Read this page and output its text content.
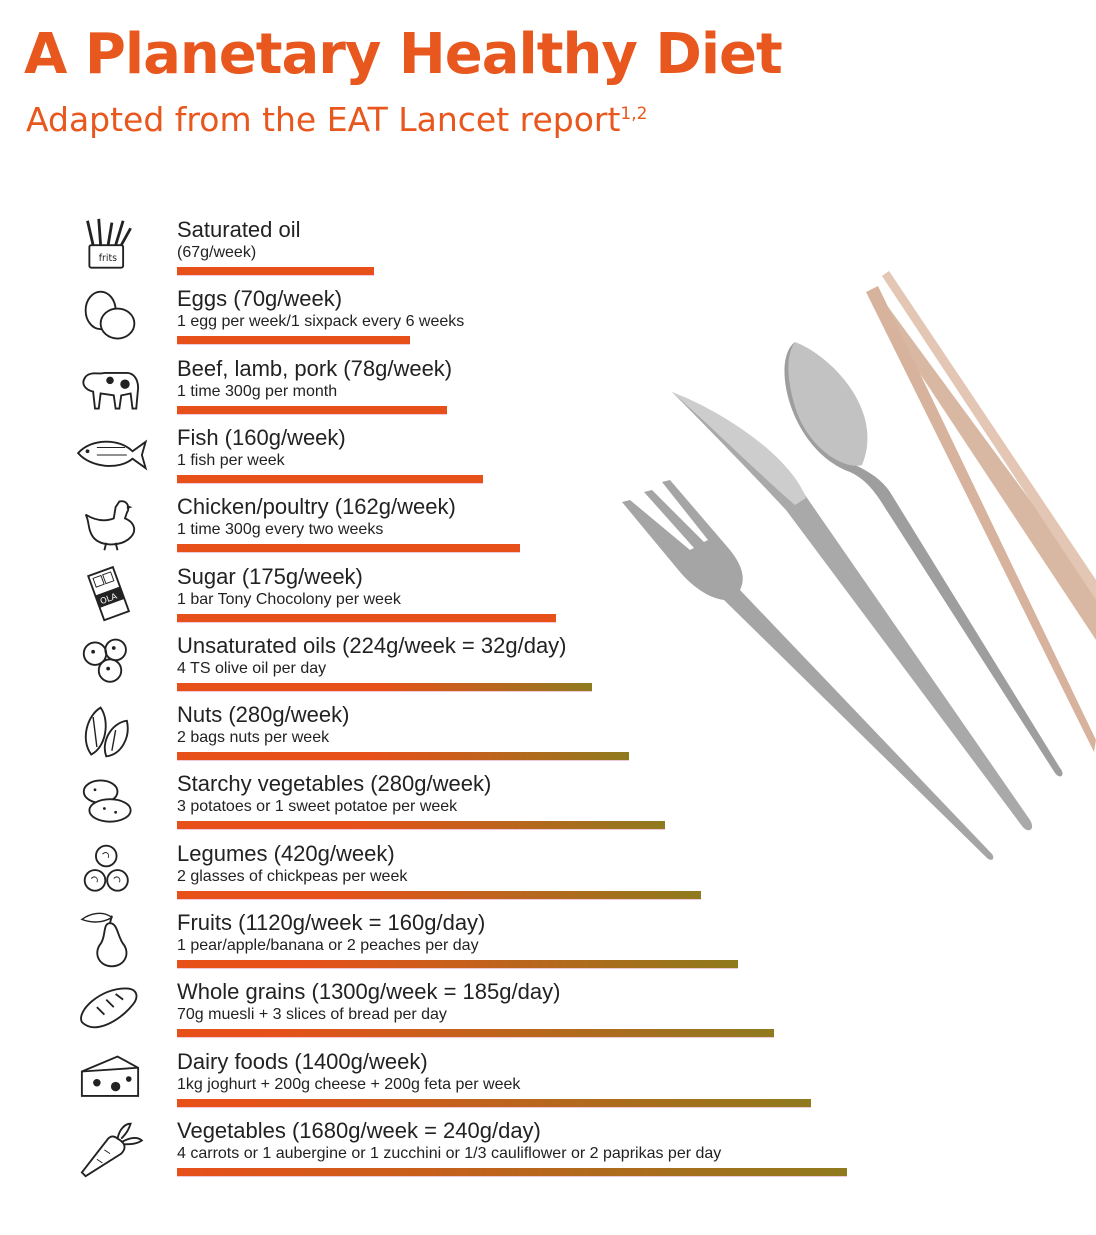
A Planetary Healthy Diet
Adapted from the EAT Lancet report$^{1,2}$
frits
Saturated oil
(67g/week)
Eggs (70g/week)
1 egg per week/1 sixpack every 6 weeks
Beef, lamb, pork (78g/week)
1 time 300g per month
Fish (160g/week)
1 fish per week
Chicken/poultry (162g/week)
1 time 300g every two weeks
OLA
Sugar (175g/week)
1 bar Tony Chocolony per week
Unsaturated oils (224g/week = 32g/day)
4 TS olive oil per day
Nuts (280g/week)
2 bags nuts per week
Starchy vegetables (280g/week)
3 potatoes or 1 sweet potatoe per week
Legumes (420g/week)
2 glasses of chickpeas per week
Fruits (1120g/week = 160g/day)
1 pear/apple/banana or 2 peaches per day
Whole grains (1300g/week = 185g/day)
70g muesli + 3 slices of bread per day
Dairy foods (1400g/week)
1kg joghurt + 200g cheese + 200g feta per week
Vegetables (1680g/week = 240g/day)
4 carrots or 1 aubergine or 1 zucchini or 1/3 cauliflower or 2 paprikas per day
